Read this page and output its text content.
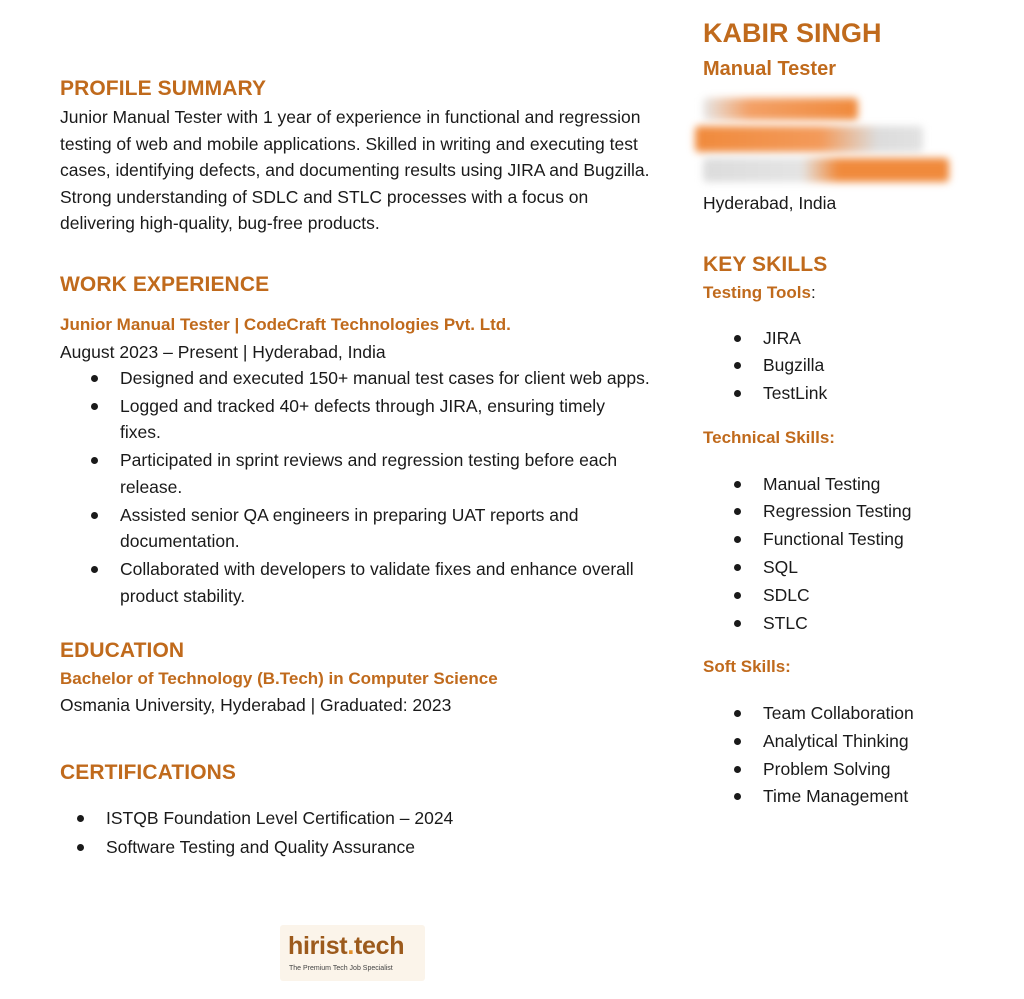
PROFILE SUMMARY

Junior Manual Tester with 1 year of experience in functional and regression testing of web and mobile applications. Skilled in writing and executing test cases, identifying defects, and documenting results using JIRA and Bugzilla. Strong understanding of SDLC and STLC processes with a focus on delivering high-quality, bug-free products.

WORK EXPERIENCE
Junior Manual Tester | CodeCraft Technologies Pvt. Ltd.
August 2023 – Present | Hyderabad, India
Designed and executed 150+ manual test cases for client web apps.
Logged and tracked 40+ defects through JIRA, ensuring timely fixes.
Participated in sprint reviews and regression testing before each release.
Assisted senior QA engineers in preparing UAT reports and documentation.
Collaborated with developers to validate fixes and enhance overall product stability.
EDUCATION
Bachelor of Technology (B.Tech) in Computer Science
Osmania University, Hyderabad | Graduated: 2023
CERTIFICATIONS
ISTQB Foundation Level Certification – 2024
Software Testing and Quality Assurance
KABIR SINGH
Manual Tester
Hyderabad, India
KEY SKILLS
Testing Tools:
JIRA
Bugzilla
TestLink
Technical Skills:
Manual Testing
Regression Testing
Functional Testing
SQL
SDLC
STLC
Soft Skills:
Team Collaboration
Analytical Thinking
Problem Solving
Time Management
hirist.tech
The Premium Tech Job Specialist
